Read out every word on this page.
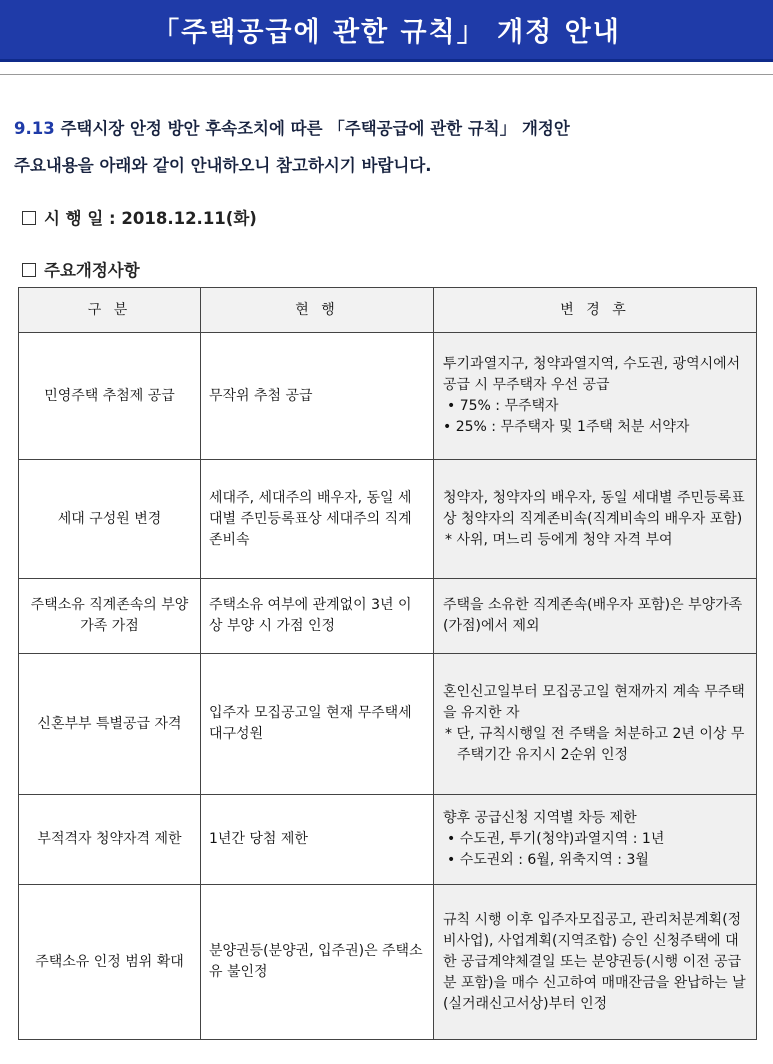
「주택공급에 관한 규칙」 개정 안내
9.13 주택시장 안정 방안 후속조치에 따른 「주택공급에 관한 규칙」 개정안
주요내용을 아래와 같이 안내하오니 참고하시기 바랍니다.
시 행 일 : 2018.12.11(화)
주요개정사항
구 분	현 행	변 경 후
민영주택 추첨제 공급	무작위 추첨 공급	투기과열지구, 청약과열지역, 수도권, 광역시에서 공급 시 무주택자 우선 공급
• 75% : 무주택자
• 25% : 무주택자 및 1주택 처분 서약자

세대 구성원 변경	세대주, 세대주의 배우자, 동일 세대별 주민등록표상 세대주의 직계존비속	청약자, 청약자의 배우자, 동일 세대별 주민등록표상 청약자의 직계존비속(직계비속의 배우자 포함)
* 사위, 며느리 등에게 청약 자격 부여

주택소유 직계존속의 부양가족 가점	주택소유 여부에 관계없이 3년 이상 부양 시 가점 인정	주택을 소유한 직계존속(배우자 포함)은 부양가족(가점)에서 제외

신혼부부 특별공급 자격	입주자 모집공고일 현재 무주택세대구성원	혼인신고일부터 모집공고일 현재까지 계속 무주택을 유지한 자
* 단, 규칙시행일 전 주택을 처분하고 2년 이상 무주택기간 유지시 2순위 인정

부적격자 청약자격 제한	1년간 당첨 제한	향후 공급신청 지역별 차등 제한
• 수도권, 투기(청약)과열지역 : 1년
• 수도권외 : 6월, 위축지역 : 3월

주택소유 인정 범위 확대	분양권등(분양권, 입주권)은 주택소유 불인정	규칙 시행 이후 입주자모집공고, 관리처분계획(정비사업), 사업계획(지역조합) 승인 신청주택에 대한 공급계약체결일 또는 분양권등(시행 이전 공급분 포함)을 매수 신고하여 매매잔금을 완납하는 날(실거래신고서상)부터 인정
